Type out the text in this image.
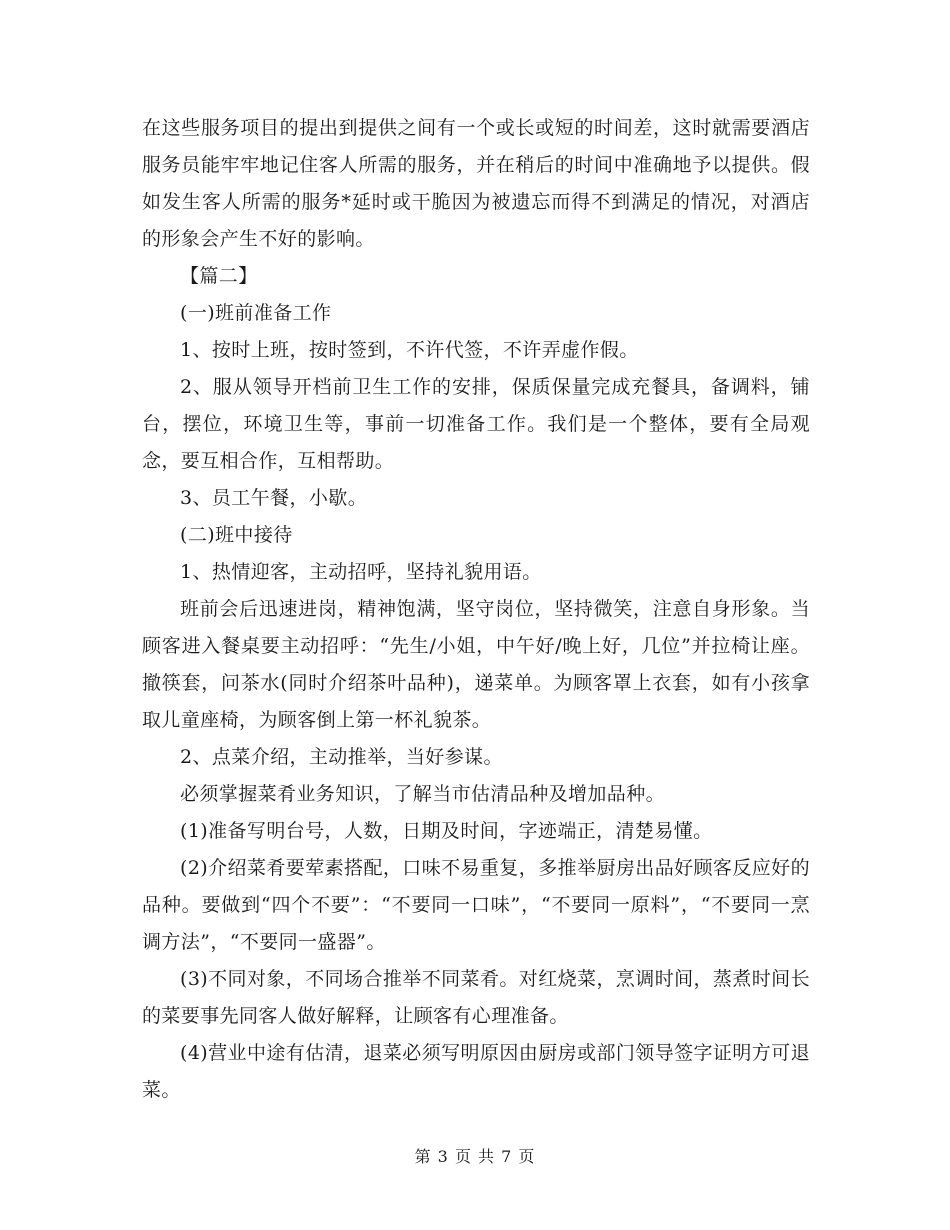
在这些服务项目的提出到提供之间有一个或长或短的时间差，这时就需要酒店服务员能牢牢地记住客人所需的服务，并在稍后的时间中准确地予以提供。假如发生客人所需的服务*延时或干脆因为被遗忘而得不到满足的情况，对酒店的形象会产生不好的影响。

【篇二】

(一)班前准备工作

1、按时上班，按时签到，不许代签，不许弄虚作假。

2、服从领导开档前卫生工作的安排，保质保量完成充餐具，备调料，铺台，摆位，环境卫生等，事前一切准备工作。我们是一个整体，要有全局观念，要互相合作，互相帮助。

3、员工午餐，小歇。

(二)班中接待

1、热情迎客，主动招呼，坚持礼貌用语。

班前会后迅速进岗，精神饱满，坚守岗位，坚持微笑，注意自身形象。当顾客进入餐桌要主动招呼：“先生/小姐，中午好/晚上好，几位”并拉椅让座。撤筷套，问茶水(同时介绍茶叶品种)，递菜单。为顾客罩上衣套，如有小孩拿取儿童座椅，为顾客倒上第一杯礼貌茶。

2、点菜介绍，主动推举，当好参谋。

必须掌握菜肴业务知识，了解当市估清品种及增加品种。

(1)准备写明台号，人数，日期及时间，字迹端正，清楚易懂。

(2)介绍菜肴要荤素搭配，口味不易重复，多推举厨房出品好顾客反应好的品种。要做到“四个不要”：“不要同一口味”，“不要同一原料”，“不要同一烹调方法”，“不要同一盛器”。

(3)不同对象，不同场合推举不同菜肴。对红烧菜，烹调时间，蒸煮时间长的菜要事先同客人做好解释，让顾客有心理准备。

(4)营业中途有估清，退菜必须写明原因由厨房或部门领导签字证明方可退菜。

第 3 页 共 7 页
